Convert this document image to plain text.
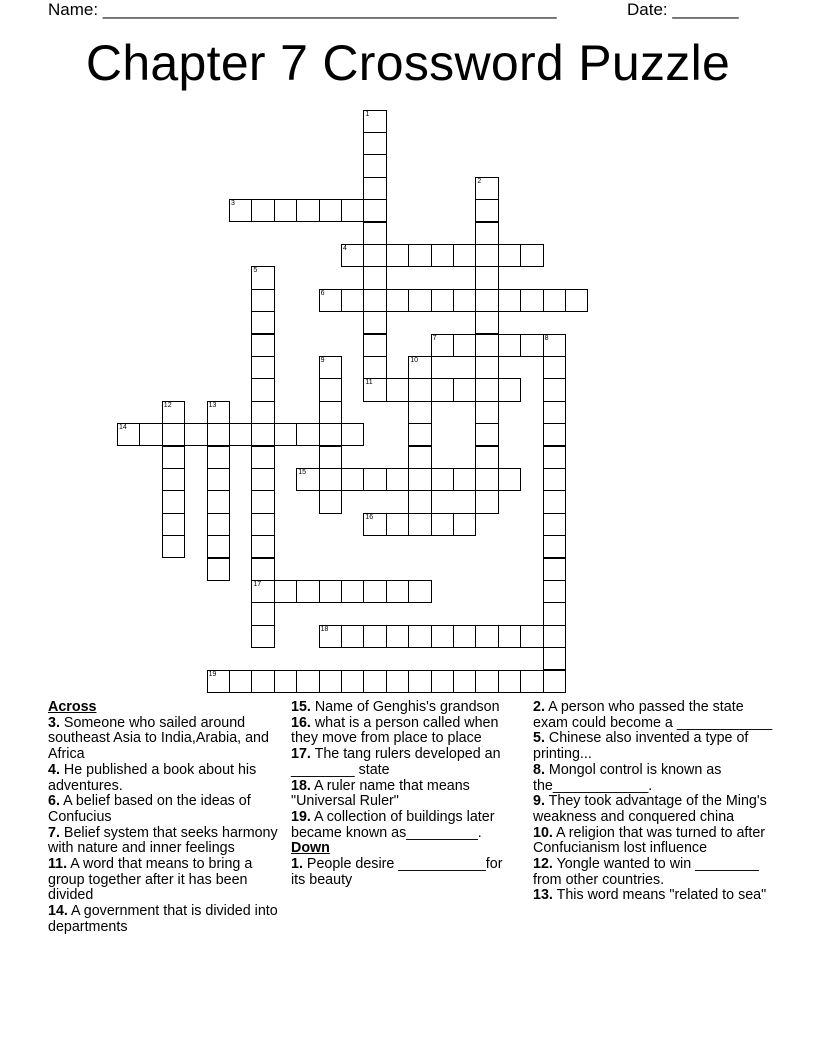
Name: ________________________________________________	Date: _______
Chapter 7 Crossword Puzzle
1
11
2
3
4
5
17
6
7	8
9	10
12	13
14
15
16
18
19
Across
3. Someone who sailed around southeast Asia to India,Arabia, and Africa
4. He published a book about his adventures.
6. A belief based on the ideas of Confucius
7. Belief system that seeks harmony with nature and inner feelings
11. A word that means to bring a group together after it has been divided
14. A government that is divided into departments
15. Name of Genghis's grandson
16. what is a person called when they move from place to place
17. The tang rulers developed an ________ state
18. A ruler name that means "Universal Ruler"
19. A collection of buildings later became known as_________.
Down
1. People desire ___________for its beauty
2. A person who passed the state exam could become a ____________
5. Chinese also invented a type of printing...
8. Mongol control is known as the____________.
9. They took advantage of the Ming's weakness and conquered china
10. A religion that was turned to after Confucianism lost influence
12. Yongle wanted to win ________ from other countries.
13. This word means "related to sea"
